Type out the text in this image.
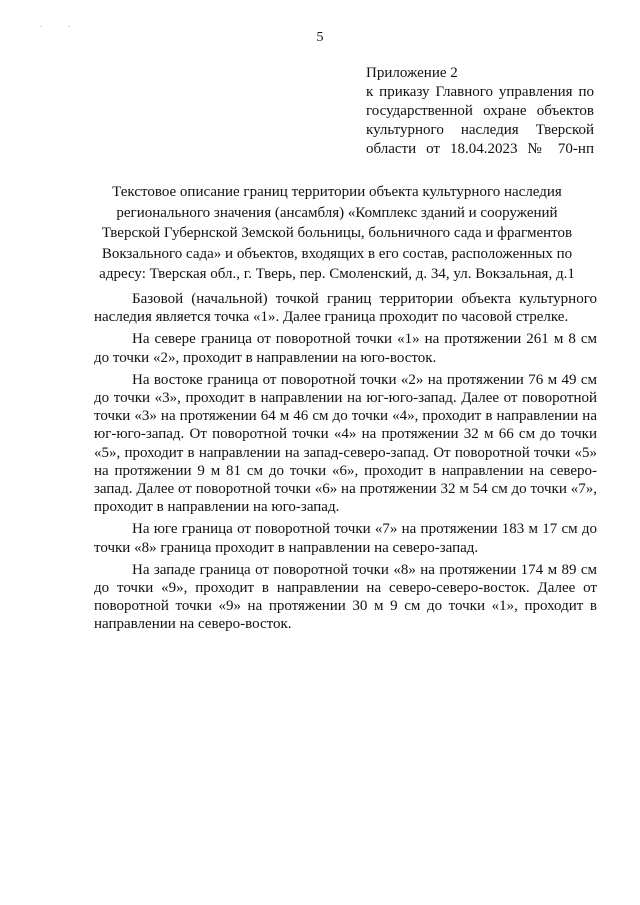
. .
5
Приложение 2
к приказу Главного управления по
государственной охране объектов
культурного наследия Тверской
области от 18.04.2023 № 70-нп
Текстовое описание границ территории объекта культурного наследия
регионального значения (ансамбля) «Комплекс зданий и сооружений
Тверской Губернской Земской больницы, больничного сада и фрагментов
Вокзального сада» и объектов, входящих в его состав, расположенных по
адресу: Тверская обл., г. Тверь, пер. Смоленский, д. 34, ул. Вокзальная, д.1

Базовой (начальной) точкой границ территории объекта культурного наследия является точка «1». Далее граница проходит по часовой стрелке.

На севере граница от поворотной точки «1» на протяжении 261 м 8 см до точки «2», проходит в направлении на юго-восток.

На востоке граница от поворотной точки «2» на протяжении 76 м 49 см до точки «3», проходит в направлении на юг-юго-запад. Далее от поворотной точки «3» на протяжении 64 м 46 см до точки «4», проходит в направлении на юг-юго-запад. От поворотной точки «4» на протяжении 32 м 66 см до точки «5», проходит в направлении на запад-северо-запад. От поворотной точки «5» на протяжении 9 м 81 см до точки «6», проходит в направлении на северо-запад. Далее от поворотной точки «6» на протяжении 32 м 54 см до точки «7», проходит в направлении на юго-запад.

На юге граница от поворотной точки «7» на протяжении 183 м 17 см до точки «8» граница проходит в направлении на северо-запад.

На западе граница от поворотной точки «8» на протяжении 174 м 89 см до точки «9», проходит в направлении на северо-северо-восток. Далее от поворотной точки «9» на протяжении 30 м 9 см до точки «1», проходит в направлении на северо-восток.
